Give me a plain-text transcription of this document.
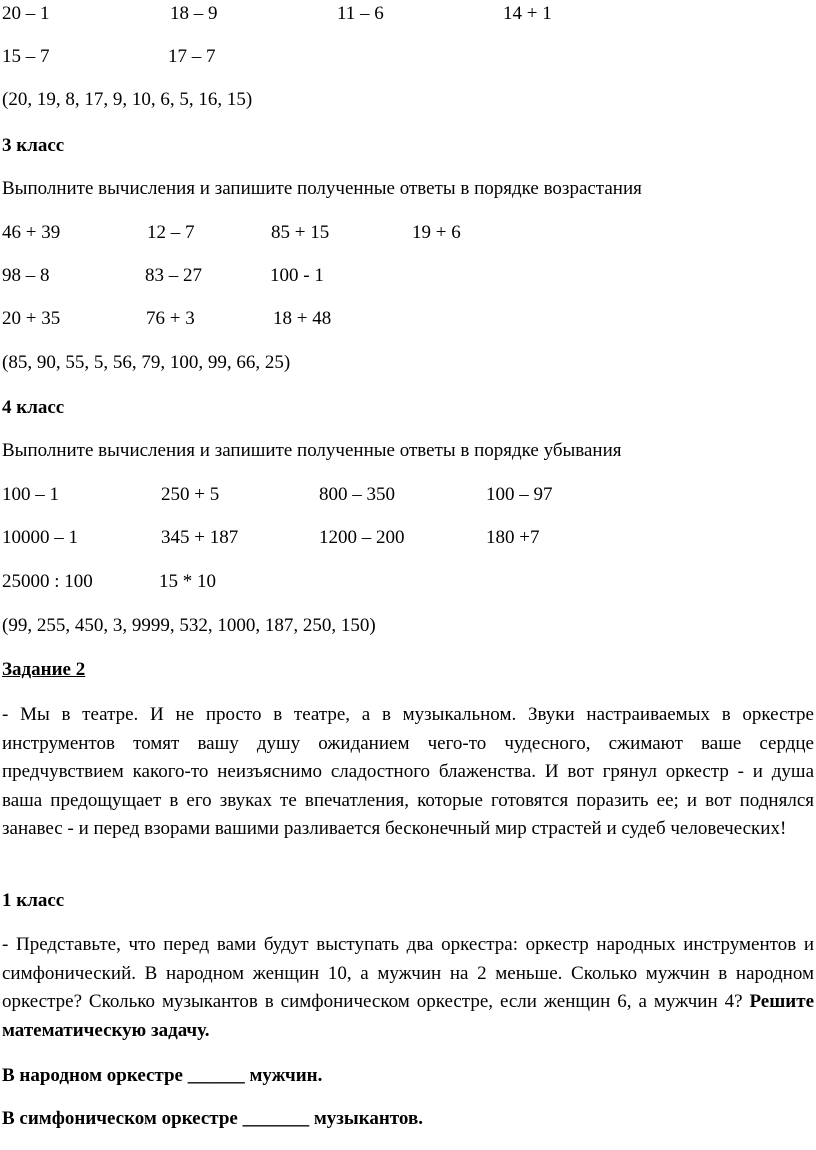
20 – 1	18 – 9	11 – 6	14 + 1
15 – 7	17 – 7
(20, 19, 8, 17, 9, 10, 6, 5, 16, 15)
3 класс
Выполните вычисления и запишите полученные ответы в порядке возрастания
46 + 39	12 – 7	85 + 15	19 + 6
98 – 8	83 – 27	100 - 1
20 + 35	76 + 3	18 + 48
(85, 90, 55, 5, 56, 79, 100, 99, 66, 25)
4 класс
Выполните вычисления и запишите полученные ответы в порядке убывания
100 – 1	250 + 5	800 – 350	100 – 97
10000 – 1	345 + 187	1200 – 200	180 +7
25000 : 100	15 * 10
(99, 255, 450, 3, 9999, 532, 1000, 187, 250, 150)
Задание 2
- Мы в театре. И не просто в театре, а в музыкальном. Звуки настраиваемых в оркестре инструментов томят вашу душу ожиданием чего-то чудесного, сжимают ваше сердце предчувствием какого-то неизъяснимо сладостного блаженства. И вот грянул оркестр - и душа ваша предощущает в его звуках те впечатления, которые готовятся поразить ее; и вот поднялся занавес - и перед взорами вашими разливается бесконечный мир страстей и судеб человеческих!
1 класс
- Представьте, что перед вами будут выступать два оркестра: оркестр народных инструментов и симфонический. В народном женщин 10, а мужчин на 2 меньше. Сколько мужчин в народном оркестре? Сколько музыкантов в симфоническом оркестре, если женщин 6, а мужчин 4? Решите математическую задачу.
В народном оркестре ______ мужчин.
В симфоническом оркестре _______ музыкантов.
